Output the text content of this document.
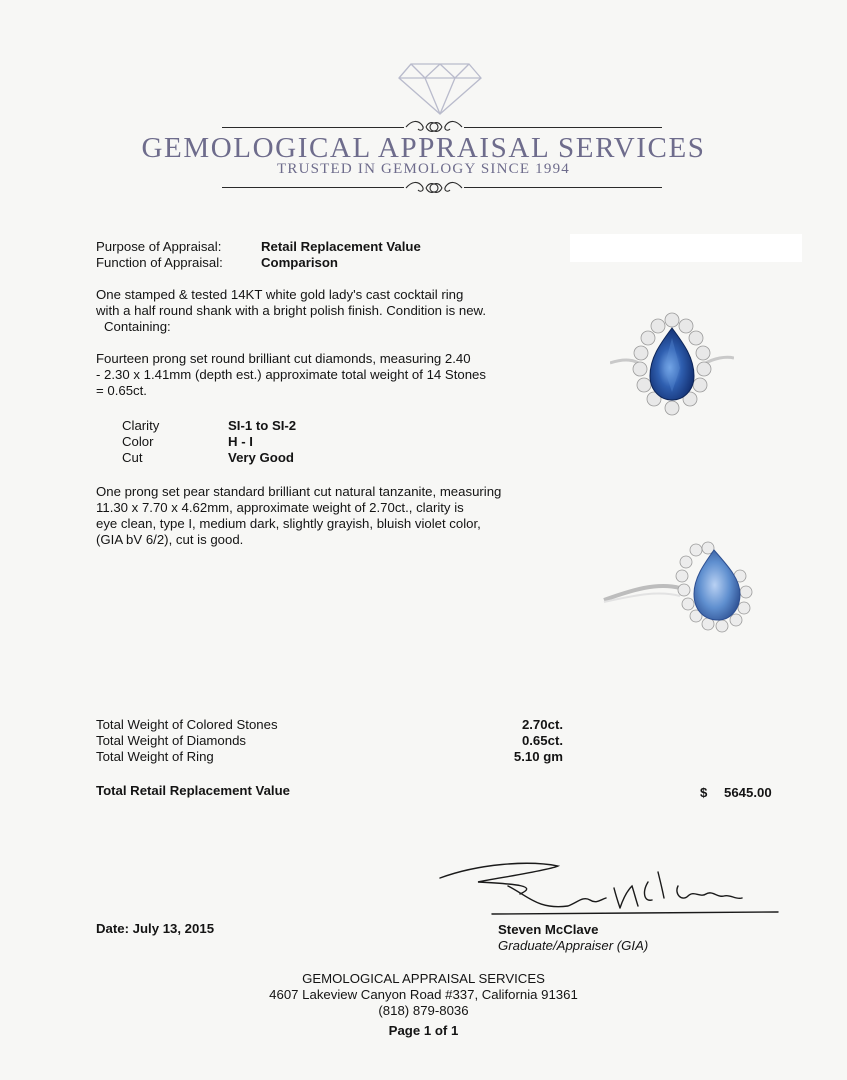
GEMOLOGICAL APPRAISAL SERVICES
TRUSTED IN GEMOLOGY SINCE 1994
Purpose of Appraisal:	Retail Replacement Value
Function of Appraisal:	Comparison
One stamped & tested 14KT white gold lady's cast cocktail ring
with a half round shank with a bright polish finish. Condition is new.
Containing:
Fourteen prong set round brilliant cut diamonds, measuring 2.40
- 2.30 x 1.41mm (depth est.) approximate total weight of 14 Stones
= 0.65ct.
Clarity	SI-1 to SI-2
Color	H - I
Cut	Very Good
One prong set pear standard brilliant cut natural tanzanite, measuring
11.30 x 7.70 x 4.62mm, approximate weight of 2.70ct., clarity is
eye clean, type I, medium dark, slightly grayish, bluish violet color,
(GIA bV 6/2), cut is good.
Total Weight of Colored Stones	2.70ct.
Total Weight of Diamonds	0.65ct.
Total Weight of Ring	5.10 gm
Total Retail Replacement Value	$ 5645.00
Date: July 13, 2015	Steven McClave
Graduate/Appraiser (GIA)
GEMOLOGICAL APPRAISAL SERVICES
4607 Lakeview Canyon Road #337, California 91361
(818) 879-8036
Page 1 of 1
